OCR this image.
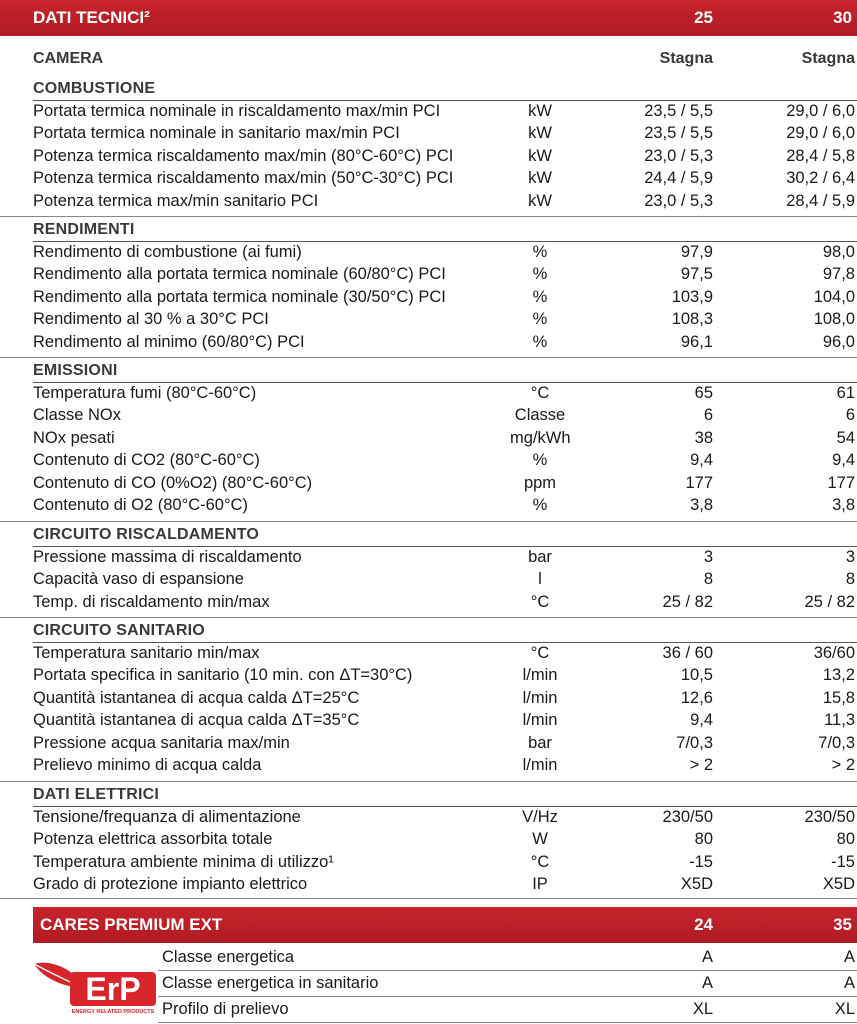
DATI TECNICI²	25	30
CAMERA	Stagna	Stagna
COMBUSTIONE
Portata termica nominale in riscaldamento max/min PCI	kW	23,5 / 5,5	29,0 / 6,0
Portata termica nominale in sanitario max/min PCI	kW	23,5 / 5,5	29,0 / 6,0
Potenza termica riscaldamento max/min (80°C-60°C) PCI	kW	23,0 / 5,3	28,4 / 5,8
Potenza termica riscaldamento max/min (50°C-30°C) PCI	kW	24,4 / 5,9	30,2 / 6,4
Potenza termica max/min sanitario PCI	kW	23,0 / 5,3	28,4 / 5,9
RENDIMENTI
Rendimento di combustione (ai fumi)	%	97,9	98,0
Rendimento alla portata termica nominale (60/80°C) PCI	%	97,5	97,8
Rendimento alla portata termica nominale (30/50°C) PCI	%	103,9	104,0
Rendimento al 30 % a 30°C PCI	%	108,3	108,0
Rendimento al minimo (60/80°C) PCI	%	96,1	96,0
EMISSIONI
Temperatura fumi (80°C-60°C)	°C	65	61
Classe NOx	Classe	6	6
NOx pesati	mg/kWh	38	54
Contenuto di CO2 (80°C-60°C)	%	9,4	9,4
Contenuto di CO (0%O2) (80°C-60°C)	ppm	177	177
Contenuto di O2 (80°C-60°C)	%	3,8	3,8
CIRCUITO RISCALDAMENTO
Pressione massima di riscaldamento	bar	3	3
Capacità vaso di espansione	l	8	8
Temp. di riscaldamento min/max	°C	25 / 82	25 / 82
CIRCUITO SANITARIO
Temperatura sanitario min/max	°C	36 / 60	36/60
Portata specifica in sanitario (10 min. con ΔT=30°C)	l/min	10,5	13,2
Quantità istantanea di acqua calda ΔT=25°C	l/min	12,6	15,8
Quantità istantanea di acqua calda ΔT=35°C	l/min	9,4	11,3
Pressione acqua sanitaria max/min	bar	7/0,3	7/0,3
Prelievo minimo di acqua calda	l/min	> 2	> 2
DATI ELETTRICI
Tensione/frequanza di alimentazione	V/Hz	230/50	230/50
Potenza elettrica assorbita totale	W	80	80
Temperatura ambiente minima di utilizzo¹	°C	-15	-15
Grado di protezione impianto elettrico	IP	X5D	X5D
CARES PREMIUM EXT	24	35
ErP
ENERGY RELATED PRODUCTS
Classe energetica	A	A
Classe energetica in sanitario	A	A
Profilo di prelievo	XL	XL
